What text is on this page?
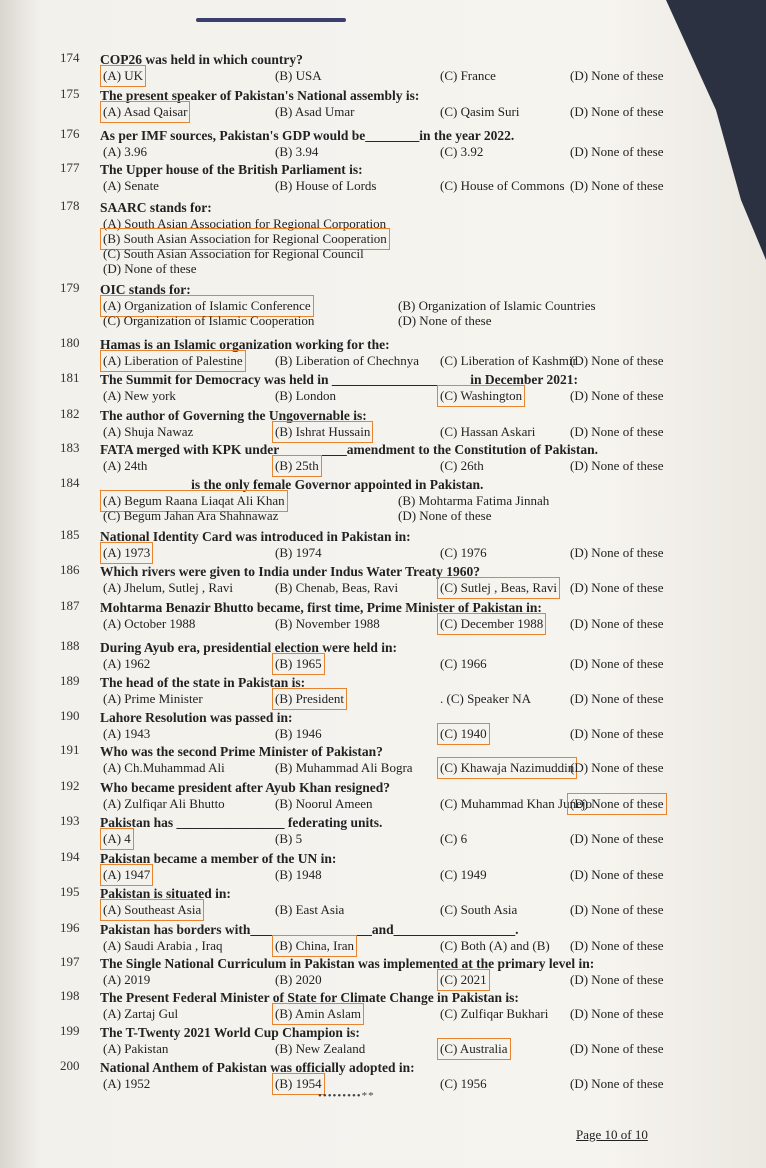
174 COP26 was held in which country?
(A) UK	(B) USA	(C) France	(D) None of these
175 The present speaker of Pakistan's National assembly is:
(A) Asad Qaisar	(B) Asad Umar	(C) Qasim Suri	(D) None of these
176 As per IMF sources, Pakistan's GDP would be________in the year 2022.
(A) 3.96	(B) 3.94	(C) 3.92	(D) None of these
177 The Upper house of the British Parliament is:
(A) Senate	(B) House of Lords	(C) House of Commons (D) None of these
178 SAARC stands for:
(A) South Asian Association for Regional Corporation
(B) South Asian Association for Regional Cooperation
(C) South Asian Association for Regional Council
(D) None of these
179 OIC stands for:
(A) Organization of Islamic Conference	(B) Organization of Islamic Countries
(C) Organization of Islamic Cooperation	(D) None of these
180 Hamas is an Islamic organization working for the:
(A) Liberation of Palestine (B) Liberation of Chechnya (C) Liberation of Kashmir
(D) None of these
181 The Summit for Democracy was held in ____________________ in December 2021:
(A) New york	(B) London	(C) Washington	(D) None of these
182 The author of Governing the Ungovernable is:
(A) Shuja Nawaz	(B) Ishrat Hussain	(C) Hassan Askari	(D) None of these
183 FATA merged with KPK under__________amendment to the Constitution of Pakistan.
(A) 24th	(B) 25th	(C) 26th	(D) None of these
184 _____________ is the only female Governor appointed in Pakistan.
(A) Begum Raana Liaqat Ali Khan	(B) Mohtarma Fatima Jinnah
(C) Begum Jahan Ara Shahnawaz	(D) None of these
185 National Identity Card was introduced in Pakistan in:
(A) 1973	(B) 1974	(C) 1976	(D) None of these
186 Which rivers were given to India under Indus Water Treaty 1960?
(A) Jhelum, Sutlej , Ravi	(B) Chenab, Beas, Ravi	(C) Sutlej , Beas, Ravi (D) None of these
187 Mohtarma Benazir Bhutto became, first time, Prime Minister of Pakistan in:
(A) October 1988	(B) November 1988	(C) December 1988 (D) None of these
188 During Ayub era, presidential election were held in:
(A) 1962	(B) 1965	(C) 1966	(D) None of these
189 The head of the state in Pakistan is:
(A) Prime Minister	(B) President	. (C) Speaker NA	(D) None of these
190 Lahore Resolution was passed in:
(A) 1943	(B) 1946	(C) 1940	(D) None of these
191 Who was the second Prime Minister of Pakistan?
(A) Ch.Muhammad Ali	(B) Muhammad Ali Bogra (C) Khawaja Nazimuddin
(D) None of these
192 Who became president after Ayub Khan resigned?
(A) Zulfiqar Ali Bhutto	(B) Noorul Ameen	(C) Muhammad Khan Junejo
(D) None of these
193 Pakistan has ________________ federating units.
(A) 4	(B) 5	(C) 6	(D) None of these
194 Pakistan became a member of the UN in:
(A) 1947	(B) 1948	(C) 1949	(D) None of these
195 Pakistan is situated in:
(A) Southeast Asia	(B) East Asia	(C) South Asia	(D) None of these
196 Pakistan has borders with__________________and__________________.
(A) Saudi Arabia , Iraq	(B) China, Iran	(C) Both (A) and (B) (D) None of these
197 The Single National Curriculum in Pakistan was implemented at the primary level in:
(A) 2019	(B) 2020	(C) 2021	(D) None of these
198 The Present Federal Minister of State for Climate Change in Pakistan is:
(A) Zartaj Gul	(B) Amin Aslam	(C) Zulfiqar Bukhari (D) None of these
199 The T-Twenty 2021 World Cup Champion is:
(A) Pakistan	(B) New Zealand	(C) Australia	(D) None of these
200 National Anthem of Pakistan was officially adopted in:
(A) 1952	(B) 1954	(C) 1956	(D) None of these
•••••••••**
Page 10 of 10
